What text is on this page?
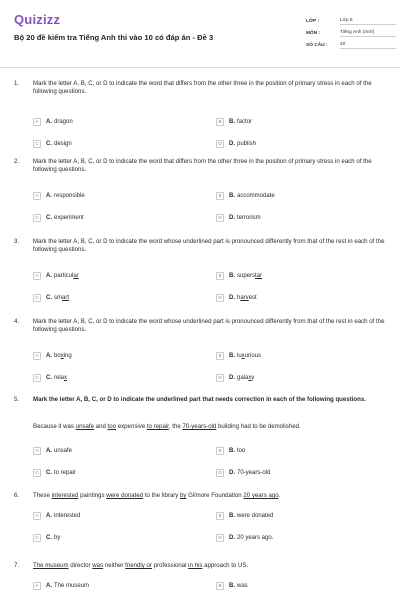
Quizizz
Bộ 20 đề kiểm tra Tiếng Anh thi vào 10 có đáp án - Đề 3
LỚP :	Lớp 9
MÔN :	Tiếng Anh (mới)
SỐ CÂU :	40
1. Mark the letter A, B, C, or D to indicate the word that differs from the other three in the position of primary stress in each of the following questions.
A	A. dragon	B	B. factor
C	C. design	D	D. publish
2. Mark the letter A, B, C, or D to indicate the word that differs from the other three in the position of primary stress in each of the following questions.
A	A. responsible	B	B. accommodate
C	C. experiment	D	D. terrorism
3. Mark the letter A, B, C, or D to indicate the word whose underlined part is pronounced differently from that of the rest in each of the following questions.
A	A. particular	B	B. superstar
C	C. smart	D	D. harvest
4. Mark the letter A, B, C, or D to indicate the word whose underlined part is pronounced differently from that of the rest in each of the following questions.
A	A. boxing	B	B. luxurious
C	C. relax	D	D. galaxy
5. Mark the letter A, B, C, or D to indicate the underlined part that needs correction in each of the following questions.
Because it was unsafe and too expensive to repair, the 70-years-old building had to be demolished.
A	A. unsafe	B	B. too
C	C. to repair	D	D. 70-years-old
6. These interested paintings were donated to the library by Gilmore Foundation 20 years ago.
A	A. interested	B	B. were donated
C	C. by	D	D. 20 years ago.
7. The museum director was neither friendly or professional in his approach to US.
A	A. The museum	B	B. was
